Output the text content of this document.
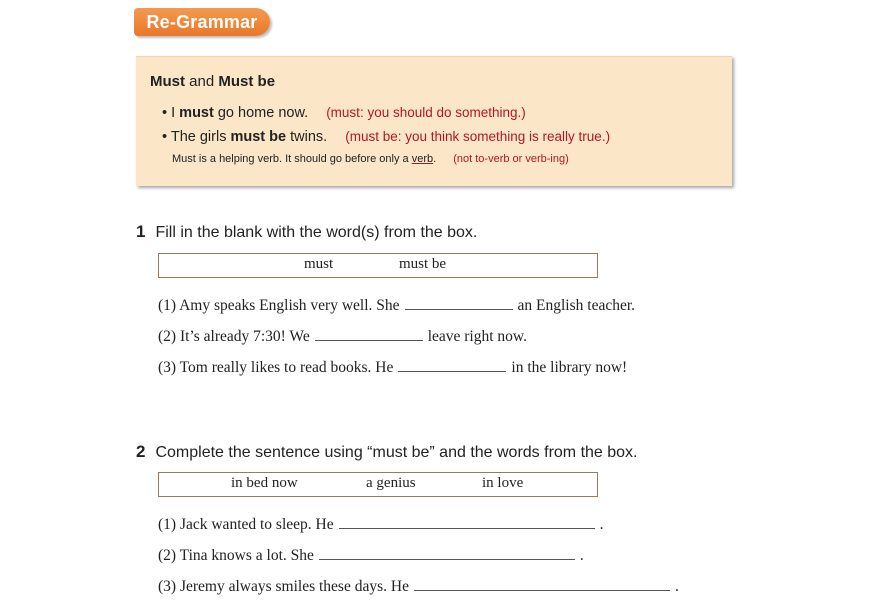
Re-Grammar
Must and Must be
• I must go home now. (must: you should do something.)
• The girls must be twins. (must be: you think something is really true.)
Must is a helping verb. It should go before only a verb. (not to-verb or verb-ing)
1 Fill in the blank with the word(s) from the box.
must	must be
(1) Amy speaks English very well. She	an English teacher.
(2) It’s already 7:30! We	leave right now.
(3) Tom really likes to read books. He	in the library now!
2 Complete the sentence using “must be” and the words from the box.
in bed now	a genius	in love
(1) Jack wanted to sleep. He	.
(2) Tina knows a lot. She	.
(3) Jeremy always smiles these days. He	.
